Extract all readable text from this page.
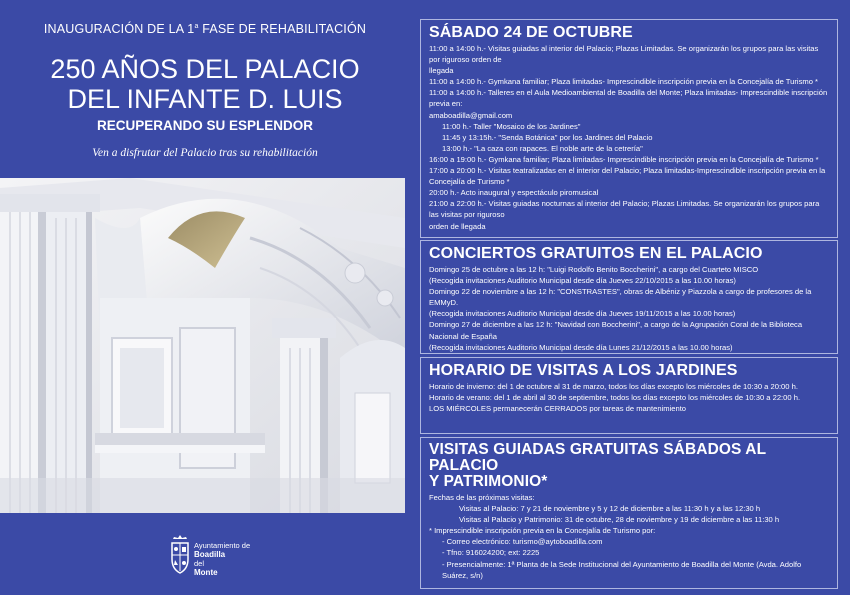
INAUGURACIÓN DE LA 1$^a$ FASE DE REHABILITACIÓN
250 AÑOS DEL PALACIO
DEL INFANTE D. LUIS
RECUPERANDO SU ESPLENDOR
Ven a disfrutar del Palacio tras su rehabilitación
Ayuntamiento de
Boadilla
del
Monte
SÁBADO 24 DE OCTUBRE

11:00 a 14:00 h.- Visitas guiadas al interior del Palacio; Plazas Limitadas. Se organizarán los grupos para las visitas por riguroso orden de

llegada

11:00 a 14:00 h.- Gymkana familiar; Plaza limitadas- Imprescindible inscripción previa en la Concejalía de Turismo *

11:00 a 14:00 h.- Talleres en el Aula Medioambiental de Boadilla del Monte; Plaza limitadas- Imprescindible inscripción previa en:

amaboadilla@gmail.com

11:00 h.- Taller "Mosaico de los Jardines"

11:45 y 13:15h.- "Senda Botánica" por los Jardines del Palacio

13:00 h.- "La caza con rapaces. El noble arte de la cetrería"

16:00 a 19:00 h.- Gymkana familiar; Plaza limitadas- Imprescindible inscripción previa en la Concejalía de Turismo *

17:00 a 20:00 h.- Visitas teatralizadas en el interior del Palacio; Plaza limitadas-Imprescindible inscripción previa en la Concejalía de Turismo *

20:00 h.- Acto inaugural y espectáculo piromusical

21:00 a 22:00 h.- Visitas guiadas nocturnas al interior del Palacio; Plazas Limitadas. Se organizarán los grupos para las visitas por riguroso

orden de llegada

CONCIERTOS GRATUITOS EN EL PALACIO

Domingo 25 de octubre a las 12 h: "Luigi Rodolfo Benito Boccherini", a cargo del Cuarteto MISCO

(Recogida invitaciones Auditorio Municipal desde día Jueves 22/10/2015 a las 10.00 horas)

Domingo 22 de noviembre a las 12 h: "CONSTRASTES", obras de Albéniz y Piazzola a cargo de profesores de la EMMyD.

(Recogida invitaciones Auditorio Municipal desde día Jueves 19/11/2015 a las 10.00 horas)

Domingo 27 de diciembre a las 12 h: "Navidad con Boccherini", a cargo de la Agrupación Coral de la Biblioteca Nacional de España

(Recogida invitaciones Auditorio Municipal desde día Lunes 21/12/2015 a las 10.00 horas)

HORARIO DE VISITAS A LOS JARDINES

Horario de invierno: del 1 de octubre al 31 de marzo, todos los días excepto los miércoles de 10:30 a 20:00 h.

Horario de verano: del 1 de abril al 30 de septiembre, todos los días excepto los miércoles de 10:30 a 22:00 h.

LOS MIÉRCOLES permanecerán CERRADOS por tareas de mantenimiento

VISITAS GUIADAS GRATUITAS SÁBADOS AL PALACIO
Y PATRIMONIO*

Fechas de las próximas visitas:

Visitas al Palacio: 7 y 21 de noviembre y 5 y 12 de diciembre a las 11:30 h y a las 12:30 h

Visitas al Palacio y Patrimonio: 31 de octubre, 28 de noviembre y 19 de diciembre a las 11:30 h

* Imprescindible inscripción previa en la Concejalía de Turismo por:

- Correo electrónico: turismo@aytoboadilla.com

- Tfno: 916024200; ext: 2225

- Presencialmente: 1ª Planta de la Sede Institucional del Ayuntamiento de Boadilla del Monte (Avda. Adolfo Suárez, s/n)
